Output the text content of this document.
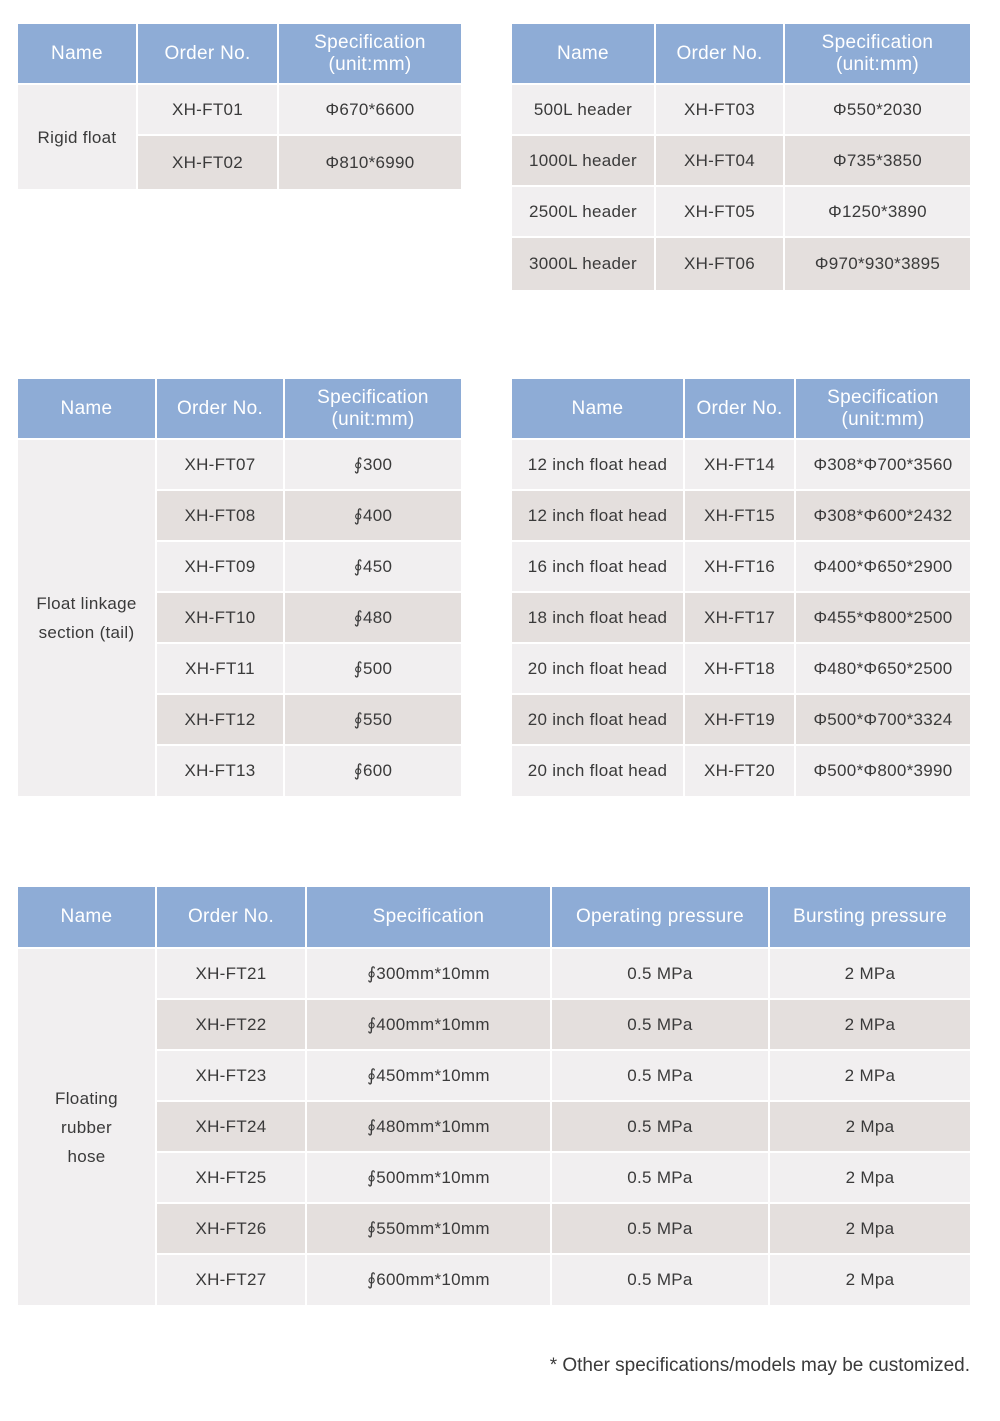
Name	Order No.	Specification
(unit:mm)
Rigid float	XH-FT01	Φ670*6600
	XH-FT02	Φ810*6990
Name	Order No.	Specification
(unit:mm)
500L header	XH-FT03	Φ550*2030
1000L header	XH-FT04	Φ735*3850
2500L header	XH-FT05	Φ1250*3890
3000L header	XH-FT06	Φ970*930*3895
Name	Order No.	Specification
(unit:mm)
Float linkage
section (tail)	XH-FT07	∮300
	XH-FT08	∮400
	XH-FT09	∮450
	XH-FT10	∮480
	XH-FT11	∮500
	XH-FT12	∮550
	XH-FT13	∮600
Name	Order No.	Specification
(unit:mm)
12 inch float head	XH-FT14	Φ308*Φ700*3560
12 inch float head	XH-FT15	Φ308*Φ600*2432
16 inch float head	XH-FT16	Φ400*Φ650*2900
18 inch float head	XH-FT17	Φ455*Φ800*2500
20 inch float head	XH-FT18	Φ480*Φ650*2500
20 inch float head	XH-FT19	Φ500*Φ700*3324
20 inch float head	XH-FT20	Φ500*Φ800*3990
Name	Order No.	Specification	Operating pressure	Bursting pressure
Floating
rubber
hose	XH-FT21	∮300mm*10mm	0.5 MPa	2 MPa
	XH-FT22	∮400mm*10mm	0.5 MPa	2 MPa
	XH-FT23	∮450mm*10mm	0.5 MPa	2 MPa
	XH-FT24	∮480mm*10mm	0.5 MPa	2 Mpa
	XH-FT25	∮500mm*10mm	0.5 MPa	2 Mpa
	XH-FT26	∮550mm*10mm	0.5 MPa	2 Mpa
	XH-FT27	∮600mm*10mm	0.5 MPa	2 Mpa
* Other specifications/models may be customized.
